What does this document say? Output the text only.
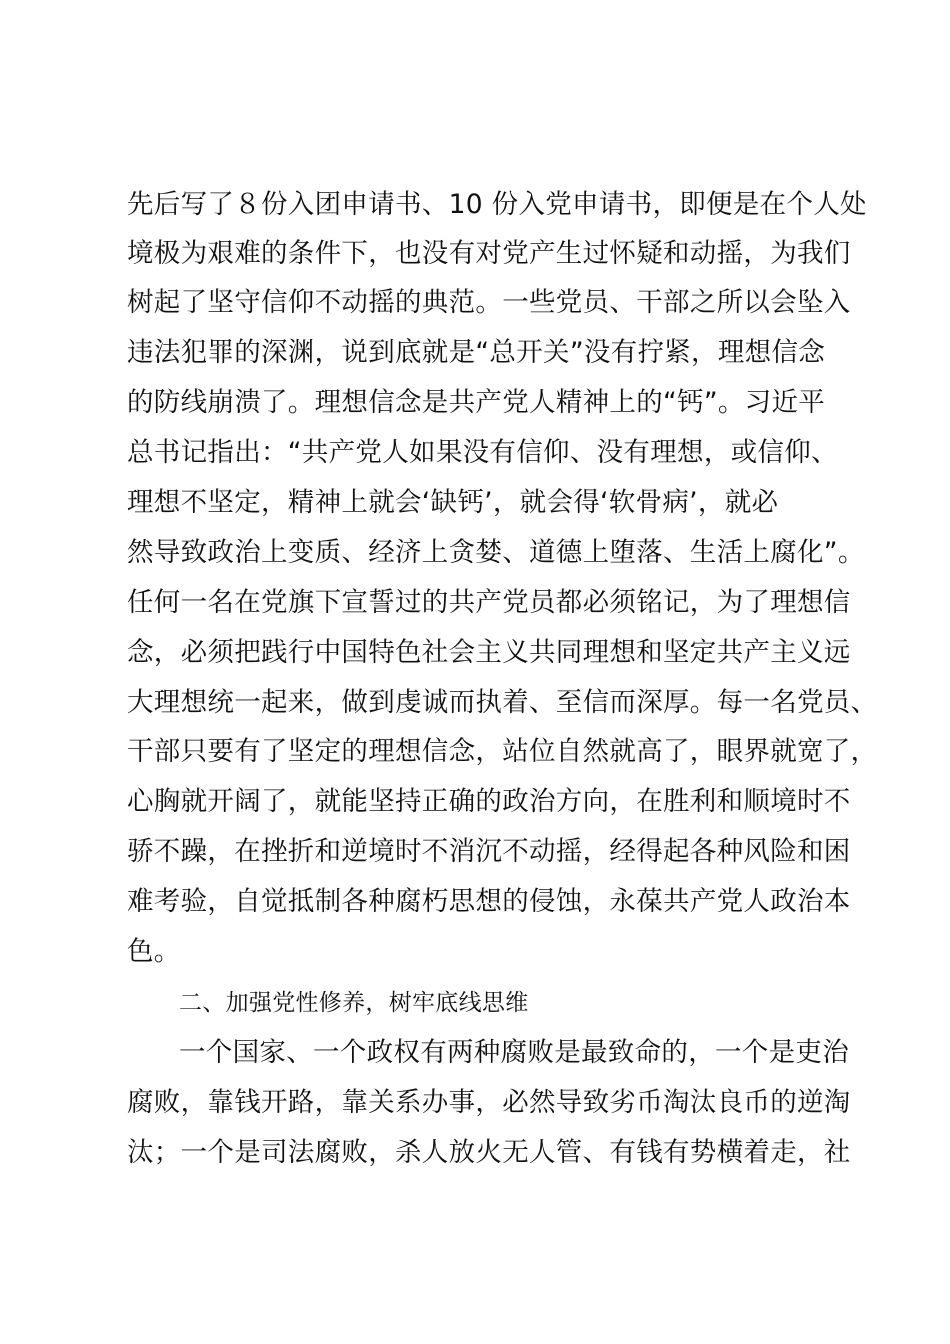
先后写了８份入团申请书、10 份入党申请书，即便是在个人处
境极为艰难的条件下，也没有对党产生过怀疑和动摇，为我们
树起了坚守信仰不动摇的典范。一些党员、干部之所以会坠入
违法犯罪的深渊，说到底就是“总开关”没有拧紧，理想信念
的防线崩溃了。理想信念是共产党人精神上的“钙”。习近平
总书记指出：“共产党人如果没有信仰、没有理想，或信仰、
理想不坚定，精神上就会‘缺钙’，就会得‘软骨病’，就必
然导致政治上变质、经济上贪婪、道德上堕落、生活上腐化”。
任何一名在党旗下宣誓过的共产党员都必须铭记，为了理想信
念，必须把践行中国特色社会主义共同理想和坚定共产主义远
大理想统一起来，做到虔诚而执着、至信而深厚。每一名党员、
干部只要有了坚定的理想信念，站位自然就高了，眼界就宽了，
心胸就开阔了，就能坚持正确的政治方向，在胜利和顺境时不
骄不躁，在挫折和逆境时不消沉不动摇，经得起各种风险和困
难考验，自觉抵制各种腐朽思想的侵蚀，永葆共产党人政治本
色。
二、加强党性修养，树牢底线思维
一个国家、一个政权有两种腐败是最致命的，一个是吏治
腐败，靠钱开路，靠关系办事，必然导致劣币淘汰良币的逆淘
汰；一个是司法腐败，杀人放火无人管、有钱有势横着走，社
